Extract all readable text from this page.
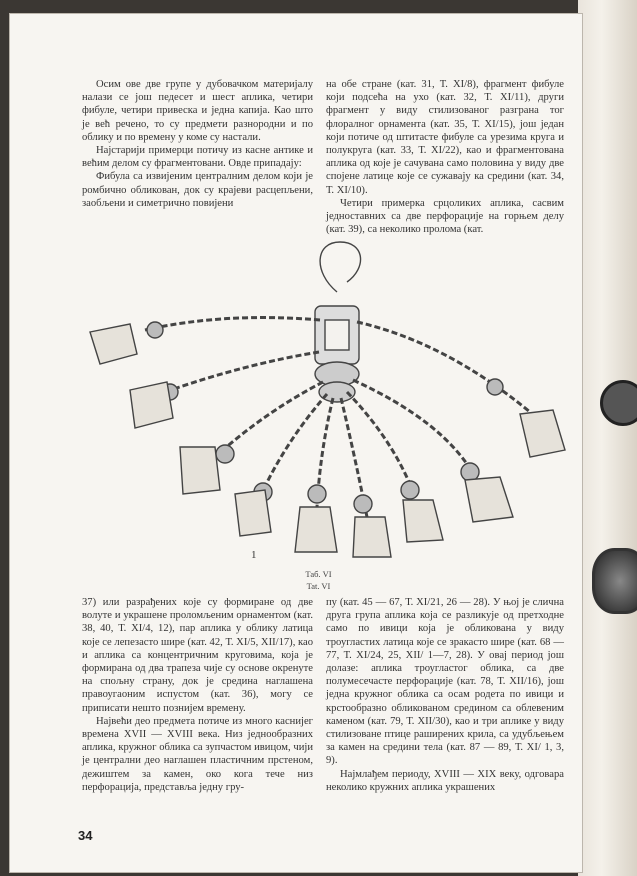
Осим ове две групе у дубовачком материјалу налази се још педесет и шест аплика, четири фибуле, четири привеска и једна капија. Као што је већ речено, то су предмети разнородни и по облику и по времену у коме су настали.

Најстарији примерци потичу из касне антике и већим делом су фрагментовани. Овде припадају:

Фибула са извијеним централним делом који је ромбично обликован, док су крајеви расцепљени, заобљени и симетрично повијени

на обе стране (кат. 31, Т. XI/8), фрагмент фибуле који подсећа на ухо (кат. 32, Т. XI/11), други фрагмент у виду стилизованог разграна тог флоралног орнамента (кат. 35, Т. XI/15), још један који потиче од штитасте фибуле са урезима круга и полукруга (кат. 33, Т. XI/22), као и фрагментована аплика од које је сачувана само половина у виду две спојене латице које се сужавају ка средини (кат. 34, Т. XI/10).

Четири примерка срцоликих аплика, сасвим једноставних са две перфорације на горњем делу (кат. 39), са неколико пролома (кат.

1
Таб. VI
Tat. VI

37) или разрађених које су формиране од две волуте и украшене проломљеним орнаментом (кат. 38, 40, Т. XI/4, 12), пар аплика у облику латица које се лепезасто шире (кат. 42, Т. XI/5, XII/17), као и аплика са концентричним круговима, која је формирана од два трапеза чије су основе окренуте на спољну страну, док је средина наглашена правоугаоним испустом (кат. 36), могу се приписати нешто познијем времену.

Највећи део предмета потиче из много каснијег времена XVII — XVIII века. Низ једнообразних аплика, кружног облика са зупчастом ивицом, чији је централни део наглашен пластичним прстеном, дежиштем за камен, око кога тече низ перфорација, представља једну гру-

пу (кат. 45 — 67, Т. XI/21, 26 — 28). У њој је слична друга група аплика која се разликује од претходне само по ивици која је обликована у виду троугластих латица које се зракасто шире (кат. 68 — 77, Т. XI/24, 25, XII/ 1—7, 28). У овај период још долазе: аплика троугластог облика, са две полумесечасте перфорације (кат. 78, Т. XII/16), још једна кружног облика са осам родета по ивици и крстообразно обликованом средином са облевеним каменом (кат. 79, Т. XII/30), као и три аплике у виду стилизоване птице раширених крила, са удубљењем за камен на средини тела (кат. 87 — 89, Т. XI/ 1, 3, 9).

Најмлађем периоду, XVIII — XIX веку, одговара неколико кружних аплика украшених

34
